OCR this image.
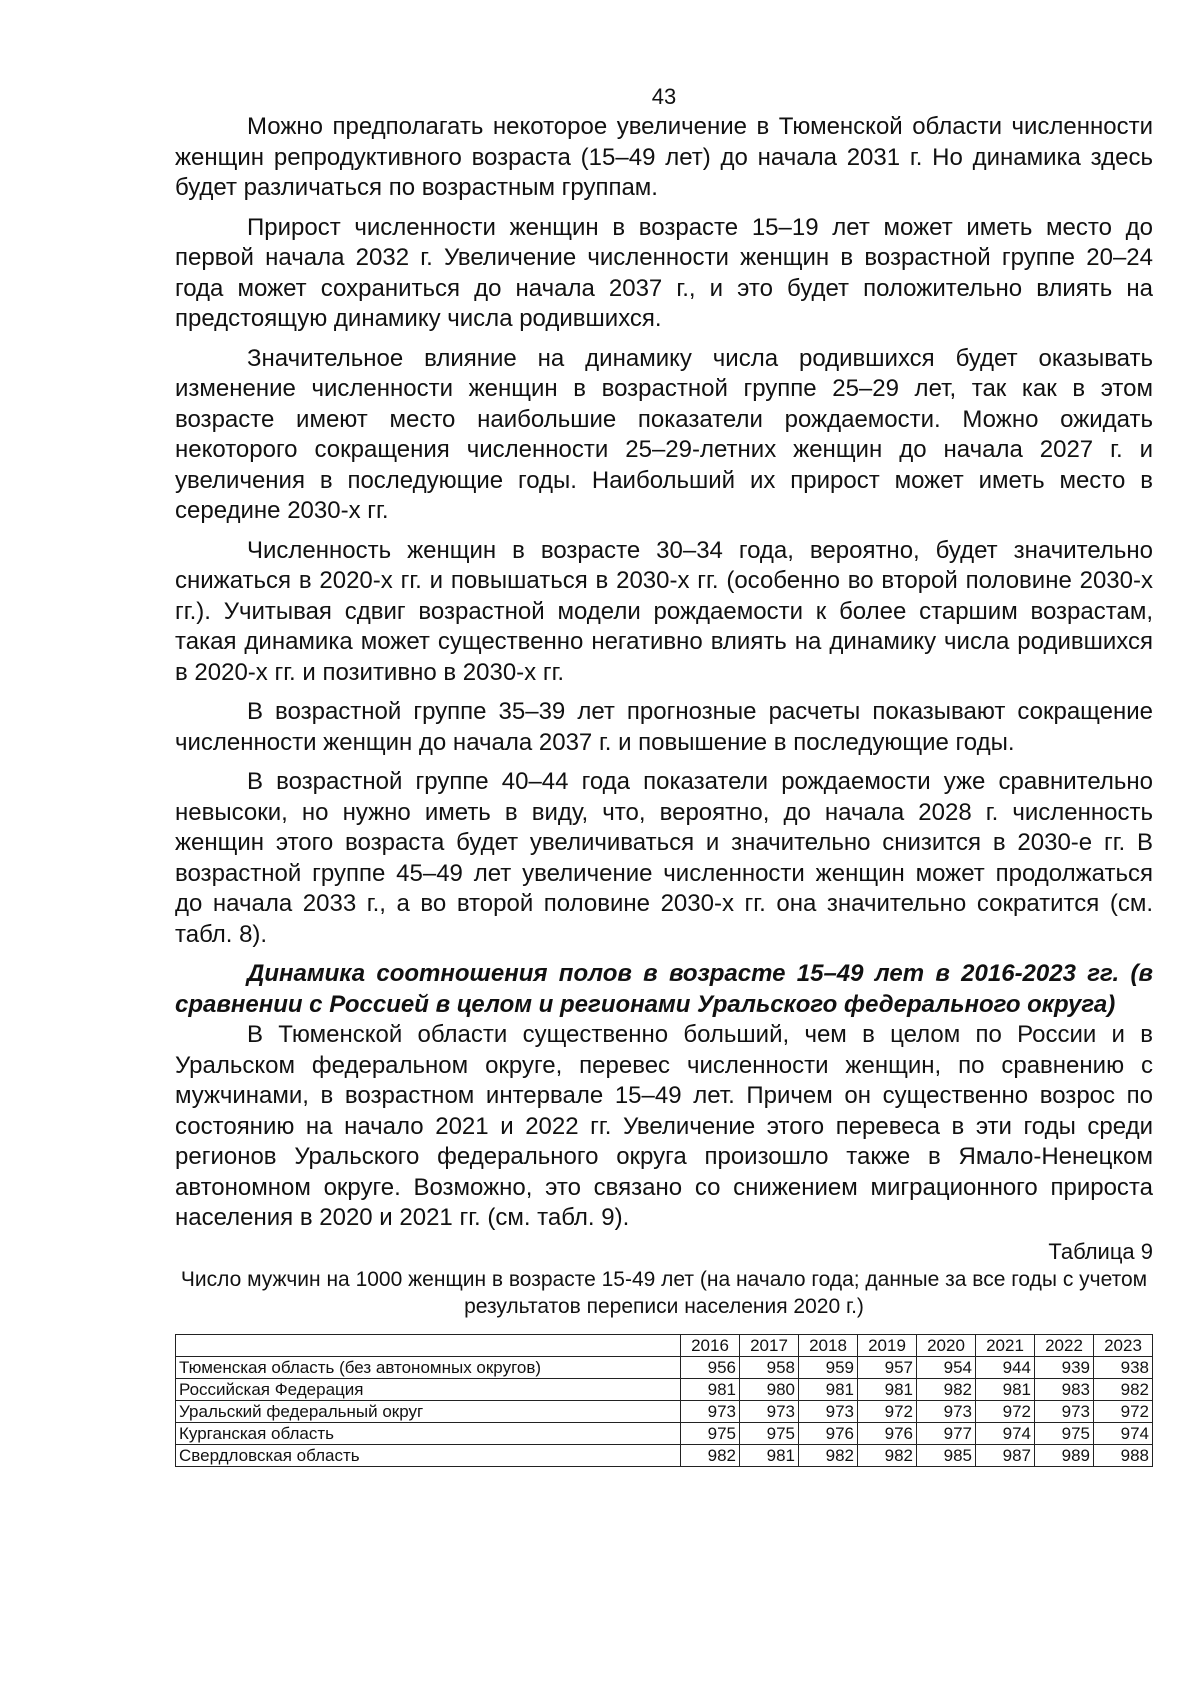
43

Можно предполагать некоторое увеличение в Тюменской области численности женщин репродуктивного возраста (15–49 лет) до начала 2031 г. Но динамика здесь будет различаться по возрастным группам.

Прирост численности женщин в возрасте 15–19 лет может иметь место до первой начала 2032 г. Увеличение численности женщин в возрастной группе 20–24 года может сохраниться до начала 2037 г., и это будет положительно влиять на предстоящую динамику числа родившихся.

Значительное влияние на динамику числа родившихся будет оказывать изменение численности женщин в возрастной группе 25–29 лет, так как в этом возрасте имеют место наибольшие показатели рождаемости. Можно ожидать некоторого сокращения численности 25–29-летних женщин до начала 2027 г. и увеличения в последующие годы. Наибольший их прирост может иметь место в середине 2030-х гг.

Численность женщин в возрасте 30–34 года, вероятно, будет значительно снижаться в 2020-х гг. и повышаться в 2030-х гг. (особенно во второй половине 2030-х гг.). Учитывая сдвиг возрастной модели рождаемости к более старшим возрастам, такая динамика может существенно негативно влиять на динамику числа родившихся в 2020-х гг. и позитивно в 2030-х гг.

В возрастной группе 35–39 лет прогнозные расчеты показывают сокращение численности женщин до начала 2037 г. и повышение в последующие годы.

В возрастной группе 40–44 года показатели рождаемости уже сравнительно невысоки, но нужно иметь в виду, что, вероятно, до начала 2028 г. численность женщин этого возраста будет увеличиваться и значительно снизится в 2030-е гг. В возрастной группе 45–49 лет увеличение численности женщин может продолжаться до начала 2033 г., а во второй половине 2030-х гг. она значительно сократится (см. табл. 8).

Динамика соотношения полов в возрасте 15–49 лет в 2016-2023 гг. (в сравнении с Россией в целом и регионами Уральского федерального округа)

В Тюменской области существенно больший, чем в целом по России и в Уральском федеральном округе, перевес численности женщин, по сравнению с мужчинами, в возрастном интервале 15–49 лет. Причем он существенно возрос по состоянию на начало 2021 и 2022 гг. Увеличение этого перевеса в эти годы среди регионов Уральского федерального округа произошло также в Ямало-Ненецком автономном округе. Возможно, это связано со снижением миграционного прироста населения в 2020 и 2021 гг. (см. табл. 9).

Таблица 9

Число мужчин на 1000 женщин в возрасте 15-49 лет (на начало года; данные за все годы с учетом результатов переписи населения 2020 г.)

	2016	2017	2018	2019	2020	2021	2022	2023
Тюменская область (без автономных округов)	956	958	959	957	954	944	939	938
Российская Федерация	981	980	981	981	982	981	983	982
Уральский федеральный округ	973	973	973	972	973	972	973	972
Курганская область	975	975	976	976	977	974	975	974
Свердловская область	982	981	982	982	985	987	989	988
